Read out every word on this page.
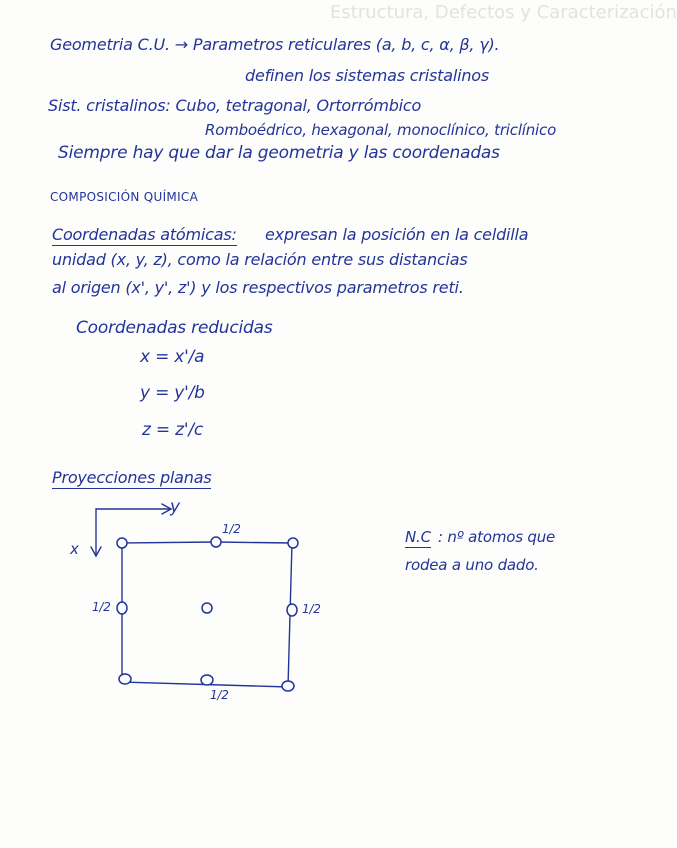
Estructura, Defectos y Caracterización
Geometria C.U. → Parametros reticulares (a, b, c, α, β, γ).
definen los sistemas cristalinos
Sist. cristalinos: Cubo, tetragonal, Ortorrómbico
Romboédrico, hexagonal, monoclínico, triclínico
Siempre hay que dar la geometria y las coordenadas
COMPOSICIÓN QUÍMICA
Coordenadas atómicas: expresan la posición en la celdilla
unidad (x, y, z), como la relación entre sus distancias
al origen (x', y', z') y los respectivos parametros reti.
Coordenadas reducidas
x = x'/a
y = y'/b
z = z'/c
Proyecciones planas
y
x
1/2
1/2	1/2
1/2
N.C : nº atomos que
rodea a uno dado.
